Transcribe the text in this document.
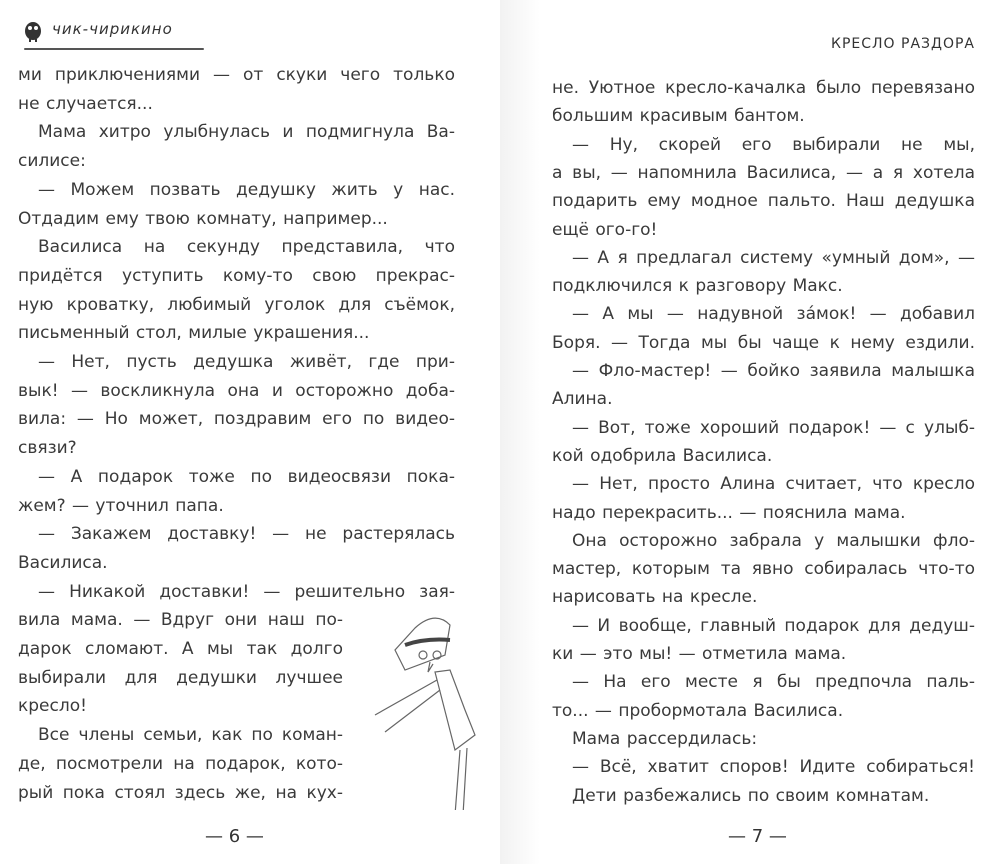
чик-чирикино
ми приключениями — от скуки чего только
не случается...
Мама хитро улыбнулась и подмигнула Ва-
силисе:
— Можем позвать дедушку жить у нас.
Отдадим ему твою комнату, например...
Василиса на секунду представила, что
придётся уступить кому-то свою прекрас-
ную кроватку, любимый уголок для съёмок,
письменный стол, милые украшения...
— Нет, пусть дедушка живёт, где при-
вык! — воскликнула она и осторожно доба-
вила: — Но может, поздравим его по видео-
связи?
— А подарок тоже по видеосвязи пока-
жем? — уточнил папа.
— Закажем доставку! — не растерялась
Василиса.
— Никакой доставки! — решительно зая-
вила мама. — Вдруг они наш по-
дарок сломают. А мы так долго
выбирали для дедушки лучшее
кресло!
Все члены семьи, как по коман-
де, посмотрели на подарок, кото-
рый пока стоял здесь же, на кух-
— 6 —
КРЕСЛО РАЗДОРА
не. Уютное кресло-качалка было перевязано
большим красивым бантом.
— Ну, скорей его выбирали не мы,
а вы, — напомнила Василиса, — а я хотела
подарить ему модное пальто. Наш дедушка
ещё ого-го!
— А я предлагал систему «умный дом», —
подключился к разговору Макс.
— А мы — надувной зáмок! — добавил
Боря. — Тогда мы бы чаще к нему ездили.
— Фло-мастер! — бойко заявила малышка
Алина.
— Вот, тоже хороший подарок! — с улыб-
кой одобрила Василиса.
— Нет, просто Алина считает, что кресло
надо перекрасить... — пояснила мама.
Она осторожно забрала у малышки фло-
мастер, которым та явно собиралась что-то
нарисовать на кресле.
— И вообще, главный подарок для дедуш-
ки — это мы! — отметила мама.
— На его месте я бы предпочла паль-
то... — пробормотала Василиса.
Мама рассердилась:
— Всё, хватит споров! Идите собираться!
Дети разбежались по своим комнатам.
— 7 —
